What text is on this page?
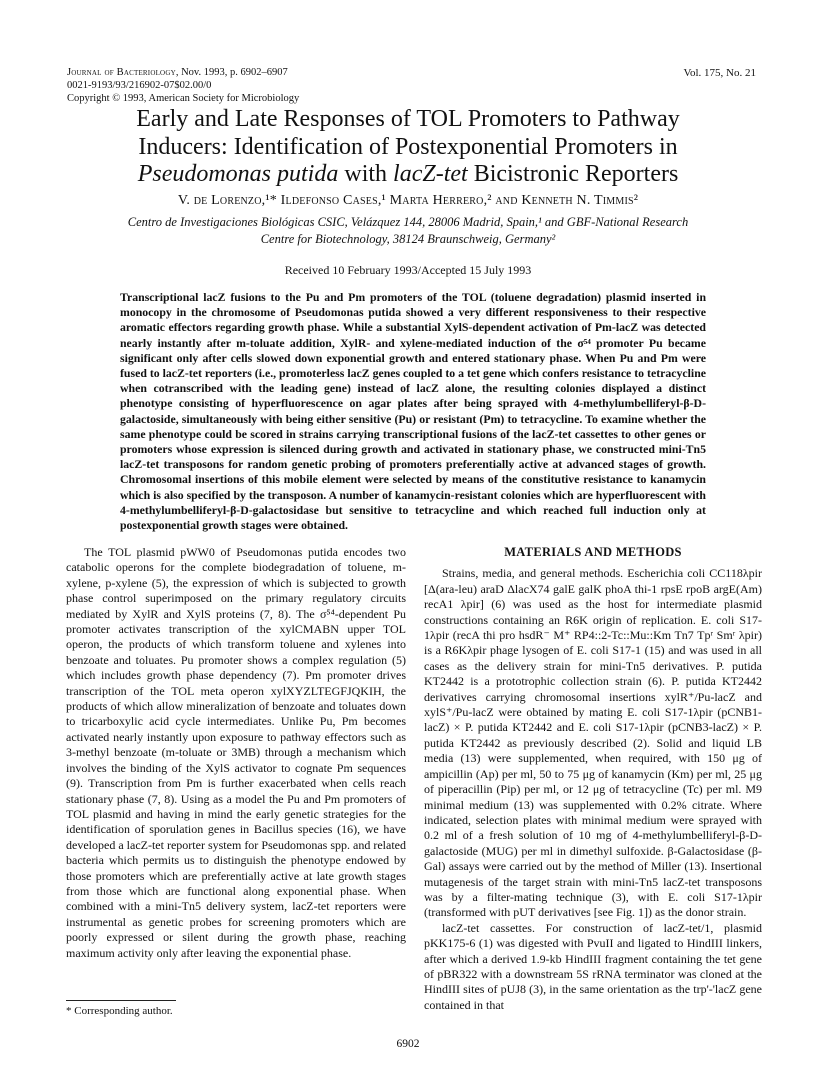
Journal of Bacteriology, Nov. 1993, p. 6902–6907
0021-9193/93/216902-07$02.00/0
Copyright © 1993, American Society for Microbiology
Vol. 175, No. 21
Early and Late Responses of TOL Promoters to Pathway
Inducers: Identification of Postexponential Promoters in
Pseudomonas putida with lacZ-tet Bicistronic Reporters
V. de Lorenzo,¹* Ildefonso Cases,¹ Marta Herrero,² and Kenneth N. Timmis²
Centro de Investigaciones Biológicas CSIC, Velázquez 144, 28006 Madrid, Spain,¹ and GBF-National Research
Centre for Biotechnology, 38124 Braunschweig, Germany²
Received 10 February 1993/Accepted 15 July 1993
Transcriptional lacZ fusions to the Pu and Pm promoters of the TOL (toluene degradation) plasmid inserted in monocopy in the chromosome of Pseudomonas putida showed a very different responsiveness to their respective aromatic effectors regarding growth phase. While a substantial XylS-dependent activation of Pm-lacZ was detected nearly instantly after m-toluate addition, XylR- and xylene-mediated induction of the σ⁵⁴ promoter Pu became significant only after cells slowed down exponential growth and entered stationary phase. When Pu and Pm were fused to lacZ-tet reporters (i.e., promoterless lacZ genes coupled to a tet gene which confers resistance to tetracycline when cotranscribed with the leading gene) instead of lacZ alone, the resulting colonies displayed a distinct phenotype consisting of hyperfluorescence on agar plates after being sprayed with 4-methylumbelliferyl-β-D-galactoside, simultaneously with being either sensitive (Pu) or resistant (Pm) to tetracycline. To examine whether the same phenotype could be scored in strains carrying transcriptional fusions of the lacZ-tet cassettes to other genes or promoters whose expression is silenced during growth and activated in stationary phase, we constructed mini-Tn5 lacZ-tet transposons for random genetic probing of promoters preferentially active at advanced stages of growth. Chromosomal insertions of this mobile element were selected by means of the constitutive resistance to kanamycin which is also specified by the transposon. A number of kanamycin-resistant colonies which are hyperfluorescent with 4-methylumbelliferyl-β-D-galactosidase but sensitive to tetracycline and which reached full induction only at postexponential growth stages were obtained.

The TOL plasmid pWW0 of Pseudomonas putida encodes two catabolic operons for the complete biodegradation of toluene, m-xylene, p-xylene (5), the expression of which is subjected to growth phase control superimposed on the primary regulatory circuits mediated by XylR and XylS proteins (7, 8). The σ⁵⁴-dependent Pu promoter activates transcription of the xylCMABN upper TOL operon, the products of which transform toluene and xylenes into benzoate and toluates. Pu promoter shows a complex regulation (5) which includes growth phase dependency (7). Pm promoter drives transcription of the TOL meta operon xylXYZLTEGFJQKIH, the products of which allow mineralization of benzoate and toluates down to tricarboxylic acid cycle intermediates. Unlike Pu, Pm becomes activated nearly instantly upon exposure to pathway effectors such as 3-methyl benzoate (m-toluate or 3MB) through a mechanism which involves the binding of the XylS activator to cognate Pm sequences (9). Transcription from Pm is further exacerbated when cells reach stationary phase (7, 8). Using as a model the Pu and Pm promoters of TOL plasmid and having in mind the early genetic strategies for the identification of sporulation genes in Bacillus species (16), we have developed a lacZ-tet reporter system for Pseudomonas spp. and related bacteria which permits us to distinguish the phenotype endowed by those promoters which are preferentially active at late growth stages from those which are functional along exponential phase. When combined with a mini-Tn5 delivery system, lacZ-tet reporters were instrumental as genetic probes for screening promoters which are poorly expressed or silent during the growth phase, reaching maximum activity only after leaving the exponential phase.

MATERIALS AND METHODS

Strains, media, and general methods. Escherichia coli CC118λpir [Δ(ara-leu) araD ΔlacX74 galE galK phoA thi-1 rpsE rpoB argE(Am) recA1 λpir] (6) was used as the host for intermediate plasmid constructions containing an R6K origin of replication. E. coli S17-1λpir (recA thi pro hsdR⁻ M⁺ RP4::2-Tc::Mu::Km Tn7 Tpʳ Smʳ λpir) is a R6Kλpir phage lysogen of E. coli S17-1 (15) and was used in all cases as the delivery strain for mini-Tn5 derivatives. P. putida KT2442 is a prototrophic collection strain (6). P. putida KT2442 derivatives carrying chromosomal insertions xylR⁺/Pu-lacZ and xylS⁺/Pu-lacZ were obtained by mating E. coli S17-1λpir (pCNB1-lacZ) × P. putida KT2442 and E. coli S17-1λpir (pCNB3-lacZ) × P. putida KT2442 as previously described (2). Solid and liquid LB media (13) were supplemented, when required, with 150 μg of ampicillin (Ap) per ml, 50 to 75 μg of kanamycin (Km) per ml, 25 μg of piperacillin (Pip) per ml, or 12 μg of tetracycline (Tc) per ml. M9 minimal medium (13) was supplemented with 0.2% citrate. Where indicated, selection plates with minimal medium were sprayed with 0.2 ml of a fresh solution of 10 mg of 4-methylumbelliferyl-β-D-galactoside (MUG) per ml in dimethyl sulfoxide. β-Galactosidase (β-Gal) assays were carried out by the method of Miller (13). Insertional mutagenesis of the target strain with mini-Tn5 lacZ-tet transposons was by a filter-mating technique (3), with E. coli S17-1λpir (transformed with pUT derivatives [see Fig. 1]) as the donor strain.

lacZ-tet cassettes. For construction of lacZ-tet/1, plasmid pKK175-6 (1) was digested with PvuII and ligated to HindIII linkers, after which a derived 1.9-kb HindIII fragment containing the tet gene of pBR322 with a downstream 5S rRNA terminator was cloned at the HindIII sites of pUJ8 (3), in the same orientation as the trp'-'lacZ gene contained in that

* Corresponding author.
6902
